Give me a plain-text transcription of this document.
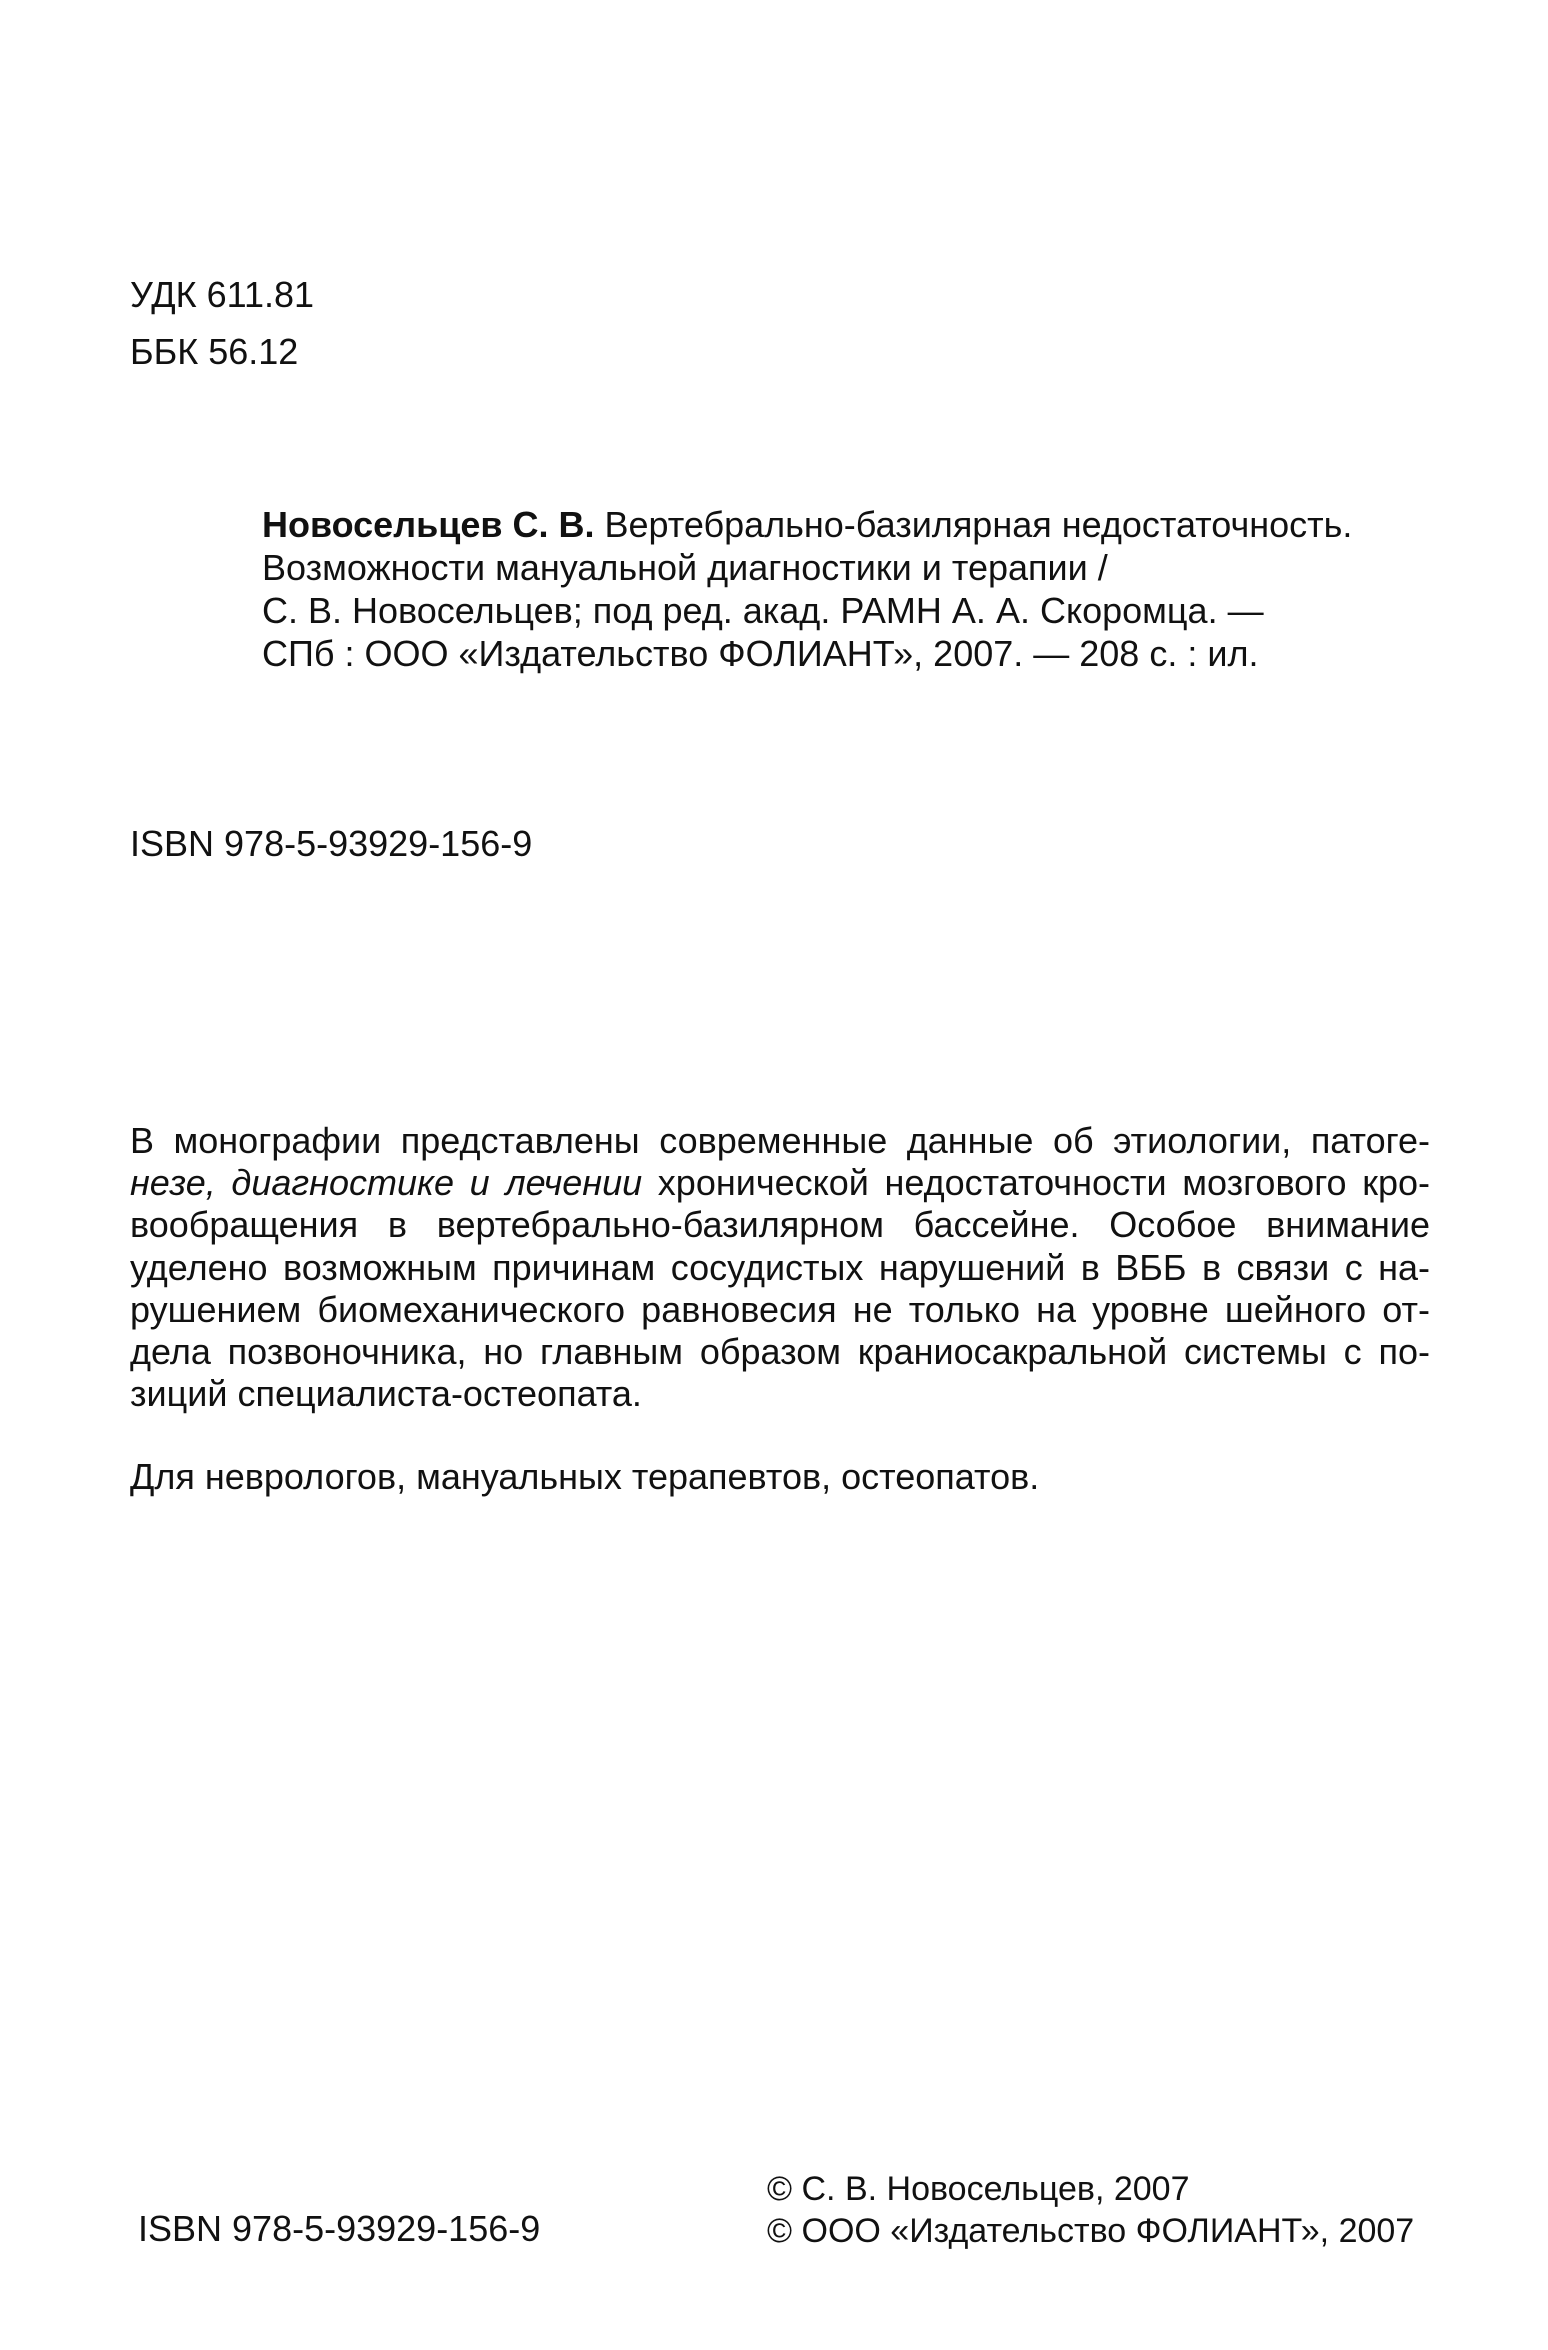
УДК 611.81
ББК 56.12
Новосельцев С. В. Вертебрально-базилярная недостаточность.
Возможности мануальной диагностики и терапии /
С. В. Новосельцев; под ред. акад. РАМН А. А. Скоромца. —
СПб : ООО «Издательство ФОЛИАНТ», 2007. — 208 с. : ил.
ISBN 978-5-93929-156-9
В монографии представлены современные данные об этиологии, патоге-
незе, диагностике и лечении хронической недостаточности мозгового кро-
вообращения в вертебрально-базилярном бассейне. Особое внимание
уделено возможным причинам сосудистых нарушений в ВББ в связи с на-
рушением биомеханического равновесия не только на уровне шейного от-
дела позвоночника, но главным образом краниосакральной системы с по-
зиций специалиста-остеопата.
Для неврологов, мануальных терапевтов, остеопатов.
ISBN 978-5-93929-156-9
© С. В. Новосельцев, 2007
© ООО «Издательство ФОЛИАНТ», 2007
